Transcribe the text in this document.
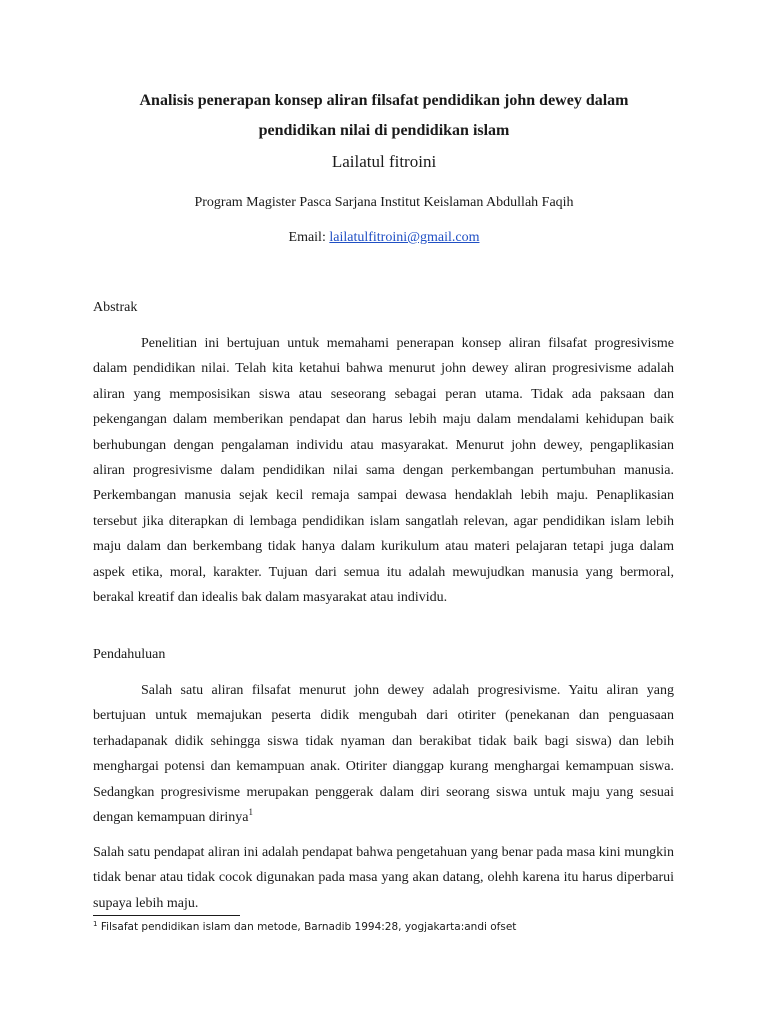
Analisis penerapan konsep aliran filsafat pendidikan john dewey dalam
pendidikan nilai di pendidikan islam

Lailatul fitroini

Program Magister Pasca Sarjana Institut Keislaman Abdullah Faqih

Email: lailatulfitroini@gmail.com

Abstrak

Penelitian ini bertujuan untuk memahami penerapan konsep aliran filsafat progresivisme dalam pendidikan nilai. Telah kita ketahui bahwa menurut john dewey aliran progresivisme adalah aliran yang memposisikan siswa atau seseorang sebagai peran utama. Tidak ada paksaan dan pekengangan dalam memberikan pendapat dan harus lebih maju dalam mendalami kehidupan baik berhubungan dengan pengalaman individu atau masyarakat. Menurut john dewey, pengaplikasian aliran progresivisme dalam pendidikan nilai sama dengan perkembangan pertumbuhan manusia. Perkembangan manusia sejak kecil remaja sampai dewasa hendaklah lebih maju. Penaplikasian tersebut jika diterapkan di lembaga pendidikan islam sangatlah relevan, agar pendidikan islam lebih maju dalam dan berkembang tidak hanya dalam kurikulum atau materi pelajaran tetapi juga dalam aspek etika, moral, karakter. Tujuan dari semua itu adalah mewujudkan manusia yang bermoral, berakal kreatif dan idealis bak dalam masyarakat atau individu.

Pendahuluan

Salah satu aliran filsafat menurut john dewey adalah progresivisme. Yaitu aliran yang bertujuan untuk memajukan peserta didik mengubah dari otiriter (penekanan dan penguasaan terhadapanak didik sehingga siswa tidak nyaman dan berakibat tidak baik bagi siswa) dan lebih menghargai potensi dan kemampuan anak. Otiriter dianggap kurang menghargai kemampuan siswa. Sedangkan progresivisme merupakan penggerak dalam diri seorang siswa untuk maju yang sesuai dengan kemampuan dirinya$^1$

Salah satu pendapat aliran ini adalah pendapat bahwa pengetahuan yang benar pada masa kini mungkin tidak benar atau tidak cocok digunakan pada masa yang akan datang, olehh karena itu harus diperbarui supaya lebih maju.

$^1$ Filsafat pendidikan islam dan metode, Barnadib 1994:28, yogjakarta:andi ofset
